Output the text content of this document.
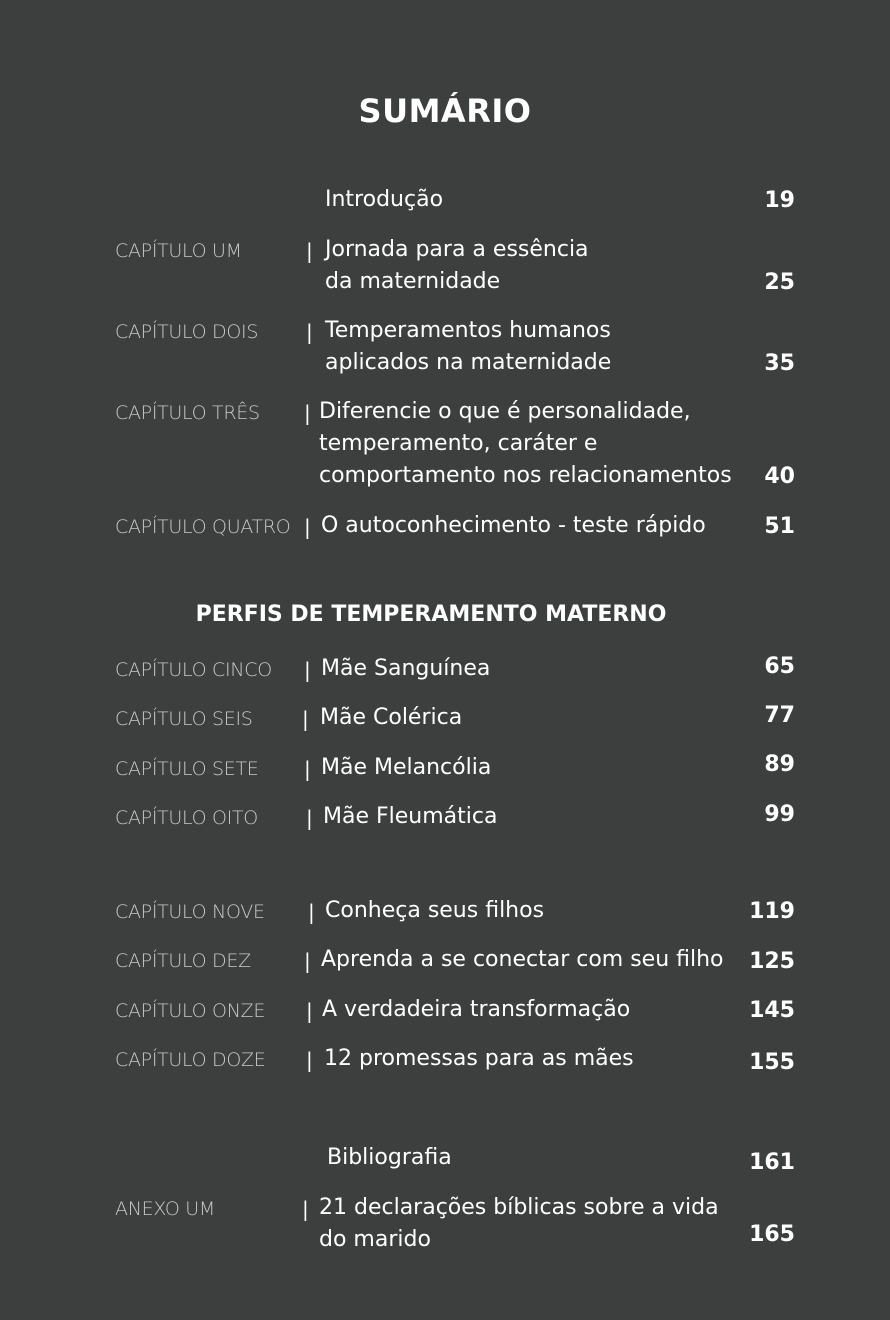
SUMÁRIO
Introdução	19
CAPÍTULO UM	| Jornada para a essência
da maternidade	25
CAPÍTULO DOIS | Temperamentos humanos
aplicados na maternidade	35
CAPÍTULO TRÊS | Diferencie o que é personalidade,
temperamento, caráter e
comportamento nos relacionamentos 40
CAPÍTULO QUATRO | O autoconhecimento - teste rápido	51
PERFIS DE TEMPERAMENTO MATERNO
CAPÍTULO CINCO | Mãe Sanguínea	65
CAPÍTULO SEIS | Mãe Colérica	77
CAPÍTULO SETE | Mãe Melancólia	89
CAPÍTULO OITO | Mãe Fleumática	99
CAPÍTULO NOVE | Conheça seus filhos	119
CAPÍTULO DEZ	| Aprenda a se conectar com seu filho 125
CAPÍTULO ONZE | A verdadeira transformação	145
CAPÍTULO DOZE | 12 promessas para as mães	155
Bibliografia	161
ANEXO UM	| 21 declarações bíblicas sobre a vida
do marido	165
